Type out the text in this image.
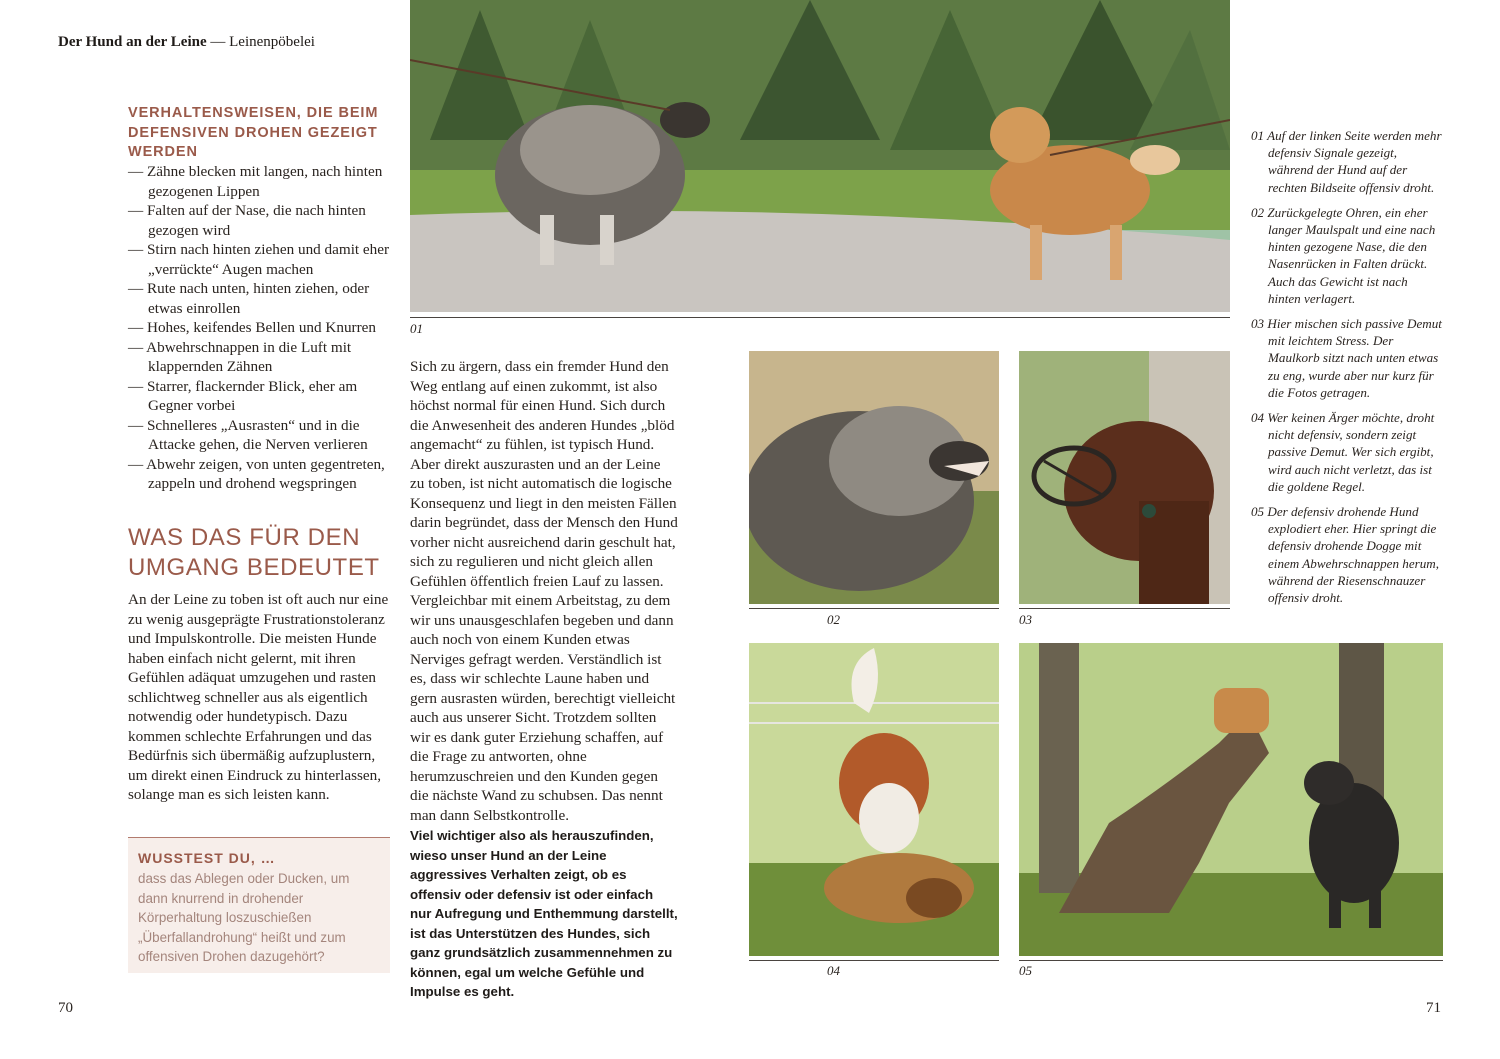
Der Hund an der Leine — Leinenpöbelei
VERHALTENSWEISEN, DIE BEIM DEFENSIVEN DROHEN GEZEIGT WERDEN
— Zähne blecken mit langen, nach hinten gezogenen Lippen
— Falten auf der Nase, die nach hinten gezogen wird
— Stirn nach hinten ziehen und damit eher „verrückte“ Augen machen
— Rute nach unten, hinten ziehen, oder etwas einrollen
— Hohes, keifendes Bellen und Knurren
— Abwehrschnappen in die Luft mit klappernden Zähnen
— Starrer, flackernder Blick, eher am Gegner vorbei
— Schnelleres „Ausrasten“ und in die Attacke gehen, die Nerven verlieren
— Abwehr zeigen, von unten gegentreten, zappeln und drohend wegspringen
WAS DAS FÜR DEN UMGANG BEDEUTET
An der Leine zu toben ist oft auch nur eine zu wenig ausgeprägte Frustrationstoleranz und Impulskontrolle. Die meisten Hunde haben einfach nicht gelernt, mit ihren Gefühlen adäquat umzugehen und rasten schlichtweg schneller aus als eigentlich notwendig oder hundetypisch. Dazu kommen schlechte Erfahrungen und das Bedürfnis sich übermäßig aufzuplustern, um direkt einen Eindruck zu hinterlassen, solange man es sich leisten kann.
WUSSTEST DU, …
dass das Ablegen oder Ducken, um dann knurrend in drohender Körperhaltung loszuschießen „Überfallandrohung“ heißt und zum offensiven Drohen dazugehört?
Sich zu ärgern, dass ein fremder Hund den Weg entlang auf einen zukommt, ist also höchst normal für einen Hund. Sich durch die Anwesenheit des anderen Hundes „blöd angemacht“ zu fühlen, ist typisch Hund. Aber direkt auszurasten und an der Leine zu toben, ist nicht automatisch die logische Konsequenz und liegt in den meisten Fällen darin begründet, dass der Mensch den Hund vorher nicht ausreichend darin geschult hat, sich zu regulieren und nicht gleich allen Gefühlen öffentlich freien Lauf zu lassen. Vergleichbar mit einem Arbeitstag, zu dem wir uns unausgeschlafen begeben und dann auch noch von einem Kunden etwas Nerviges gefragt werden. Verständlich ist es, dass wir schlechte Laune haben und gern ausrasten würden, berechtigt vielleicht auch aus unserer Sicht. Trotzdem sollten wir es dank guter Erziehung schaffen, auf die Frage zu antworten, ohne herumzuschreien und den Kunden gegen die nächste Wand zu schubsen. Das nennt man dann Selbstkontrolle.
Viel wichtiger also als herauszufinden, wieso unser Hund an der Leine aggressives Verhalten zeigt, ob es offensiv oder defensiv ist oder einfach nur Aufregung und Enthemmung darstellt, ist das Unterstützen des Hundes, sich ganz grundsätzlich zusammennehmen zu können, egal um welche Gefühle und Impulse es geht.
01
02	03
04	05
01 Auf der linken Seite werden mehr defensiv Signale gezeigt, während der Hund auf der rechten Bildseite offensiv droht.
02 Zurückgelegte Ohren, ein eher langer Maulspalt und eine nach hinten gezogene Nase, die den Nasenrücken in Falten drückt. Auch das Gewicht ist nach hinten verlagert.
03 Hier mischen sich passive Demut mit leichtem Stress. Der Maulkorb sitzt nach unten etwas zu eng, wurde aber nur kurz für die Fotos getragen.
04 Wer keinen Ärger möchte, droht nicht defensiv, sondern zeigt passive Demut. Wer sich ergibt, wird auch nicht verletzt, das ist die goldene Regel.
05 Der defensiv drohende Hund explodiert eher. Hier springt die defensiv drohende Dogge mit einem Abwehrschnappen herum, während der Riesenschnauzer offensiv droht.
70	71
